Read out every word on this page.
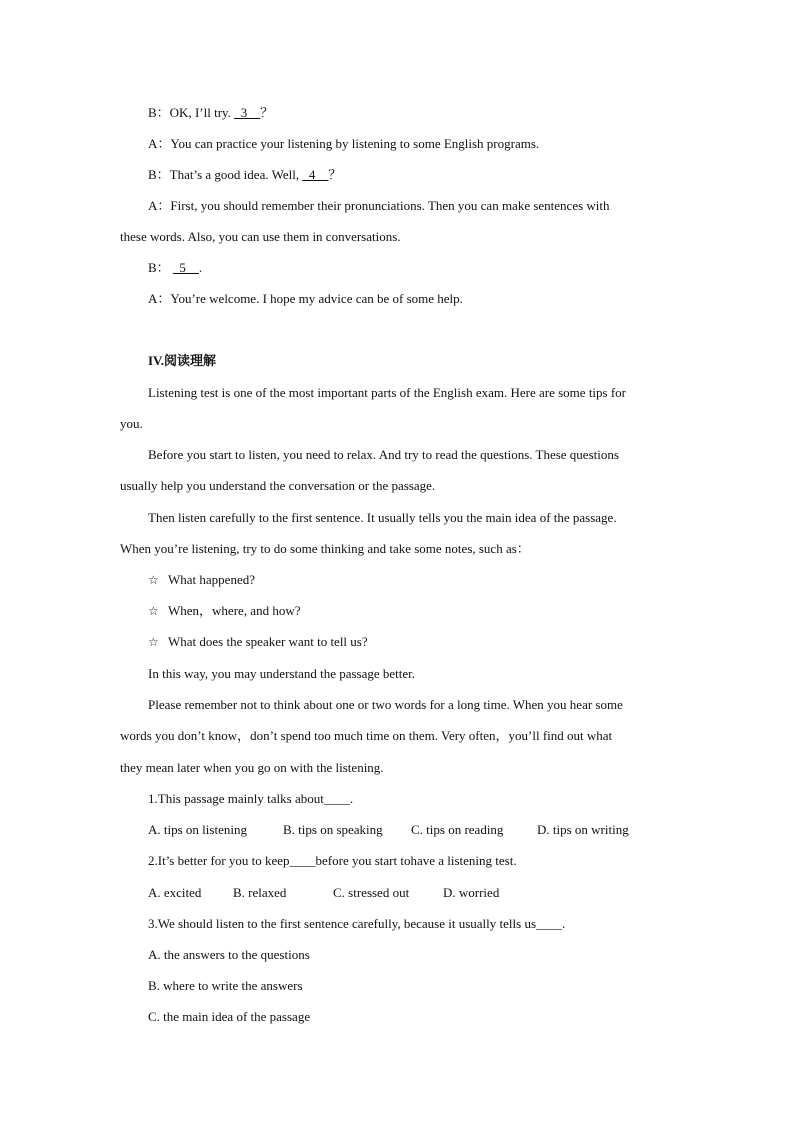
B：OK, I’ll try. _3__？
A：You can practice your listening by listening to some English programs.
B：That’s a good idea. Well, _4__？
A：First, you should remember their pronunciations. Then you can make sentences with
these words. Also, you can use them in conversations.
B： _5__.
A：You’re welcome. I hope my advice can be of some help.
IV.阅读理解
Listening test is one of the most important parts of the English exam. Here are some tips for
you.
Before you start to listen, you need to relax. And try to read the questions. These questions
usually help you understand the conversation or the passage.
Then listen carefully to the first sentence. It usually tells you the main idea of the passage.
When you’re listening, try to do some thinking and take some notes, such as：
☆ What happened?
☆ When，where, and how?
☆ What does the speaker want to tell us?
In this way, you may understand the passage better.
Please remember not to think about one or two words for a long time. When you hear some
words you don’t know，don’t spend too much time on them. Very often，you’ll find out what
they mean later when you go on with the listening.
1.This passage mainly talks about____.
A. tips on listening	B. tips on speaking C. tips on reading	D. tips on writing
2.It’s better for you to keep____before you start tohave a listening test.
A. excited B. relaxed	C. stressed out	D. worried
3.We should listen to the first sentence carefully, because it usually tells us____.
A. the answers to the questions
B. where to write the answers
C. the main idea of the passage
